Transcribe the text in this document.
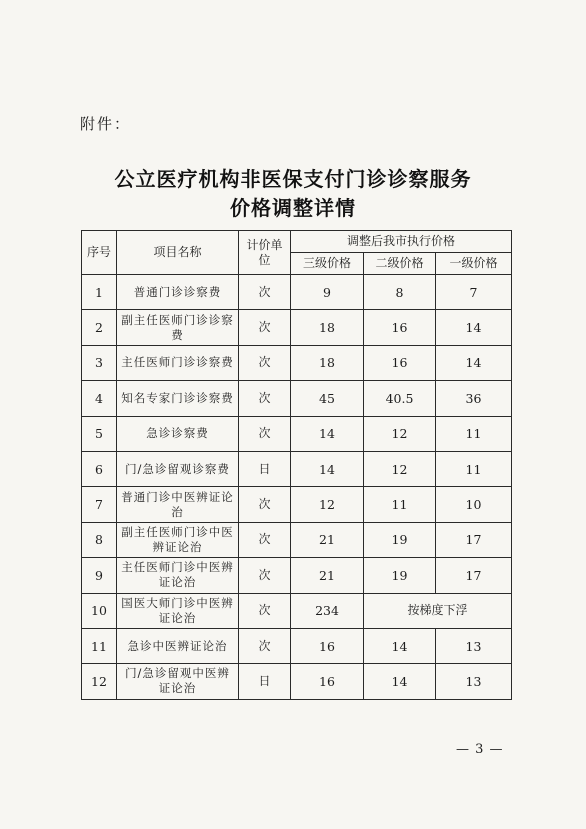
附件：
公立医疗机构非医保支付门诊诊察服务
价格调整详情
序号	项目名称	计价单位	调整后我市执行价格		
			三级价格	二级价格	一级价格
1	普通门诊诊察费	次	9	8	7
2	副主任医师门诊诊察费	次	18	16	14
3	主任医师门诊诊察费	次	18	16	14
4	知名专家门诊诊察费	次	45	40.5	36
5	急诊诊察费	次	14	12	11
6	门/急诊留观诊察费	日	14	12	11
7	普通门诊中医辨证论治	次	12	11	10
8	副主任医师门诊中医辨证论治	次	21	19	17
9	主任医师门诊中医辨证论治	次	21	19	17
10	国医大师门诊中医辨证论治	次	234	按梯度下浮	
11	急诊中医辨证论治	次	16	14	13
12	门/急诊留观中医辨证论治	日	16	14	13
— 3 —
